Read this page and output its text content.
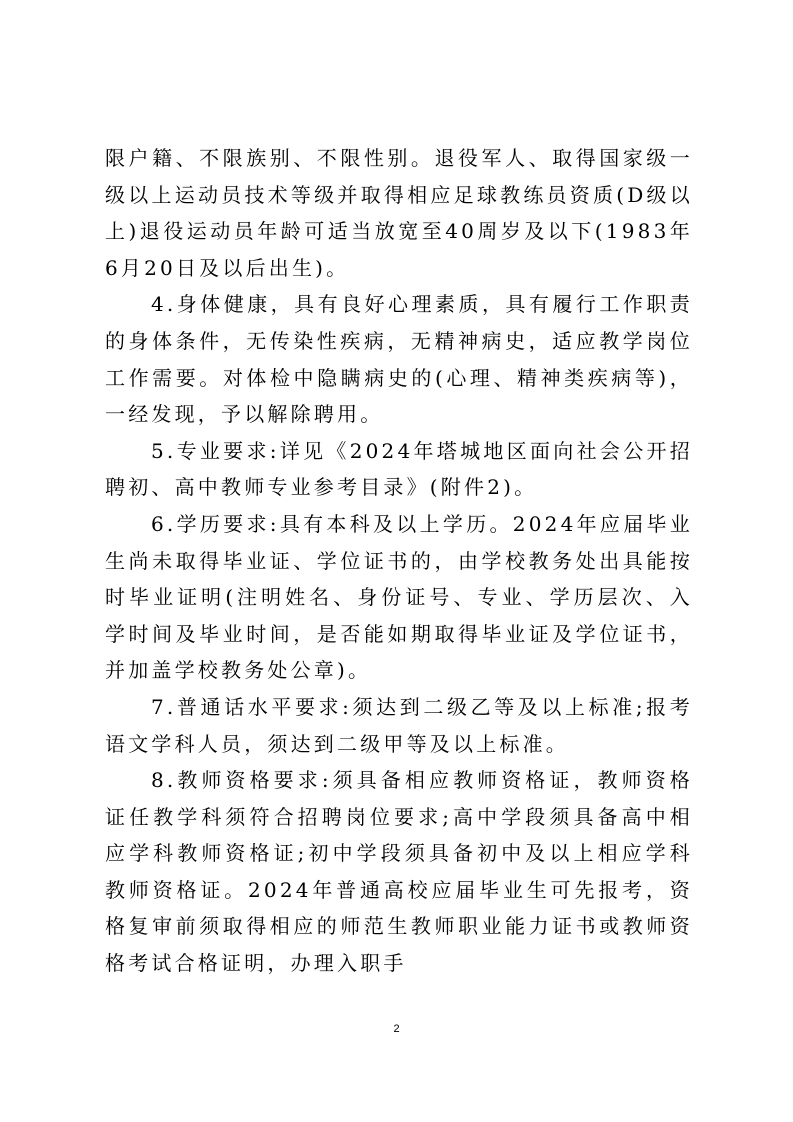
限户籍、不限族别、不限性别。退役军人、取得国家级一级以上运动员技术等级并取得相应足球教练员资质(D级以上)退役运动员年龄可适当放宽至40周岁及以下(1983年6月20日及以后出生)。

4.身体健康，具有良好心理素质，具有履行工作职责的身体条件，无传染性疾病，无精神病史，适应教学岗位工作需要。对体检中隐瞒病史的(心理、精神类疾病等)，一经发现，予以解除聘用。

5.专业要求:详见《2024年塔城地区面向社会公开招聘初、高中教师专业参考目录》(附件2)。

6.学历要求:具有本科及以上学历。2024年应届毕业生尚未取得毕业证、学位证书的，由学校教务处出具能按时毕业证明(注明姓名、身份证号、专业、学历层次、入学时间及毕业时间，是否能如期取得毕业证及学位证书，并加盖学校教务处公章)。

7.普通话水平要求:须达到二级乙等及以上标准;报考语文学科人员，须达到二级甲等及以上标准。

8.教师资格要求:须具备相应教师资格证，教师资格证任教学科须符合招聘岗位要求;高中学段须具备高中相应学科教师资格证;初中学段须具备初中及以上相应学科教师资格证。2024年普通高校应届毕业生可先报考，资格复审前须取得相应的师范生教师职业能力证书或教师资格考试合格证明，办理入职手

2
